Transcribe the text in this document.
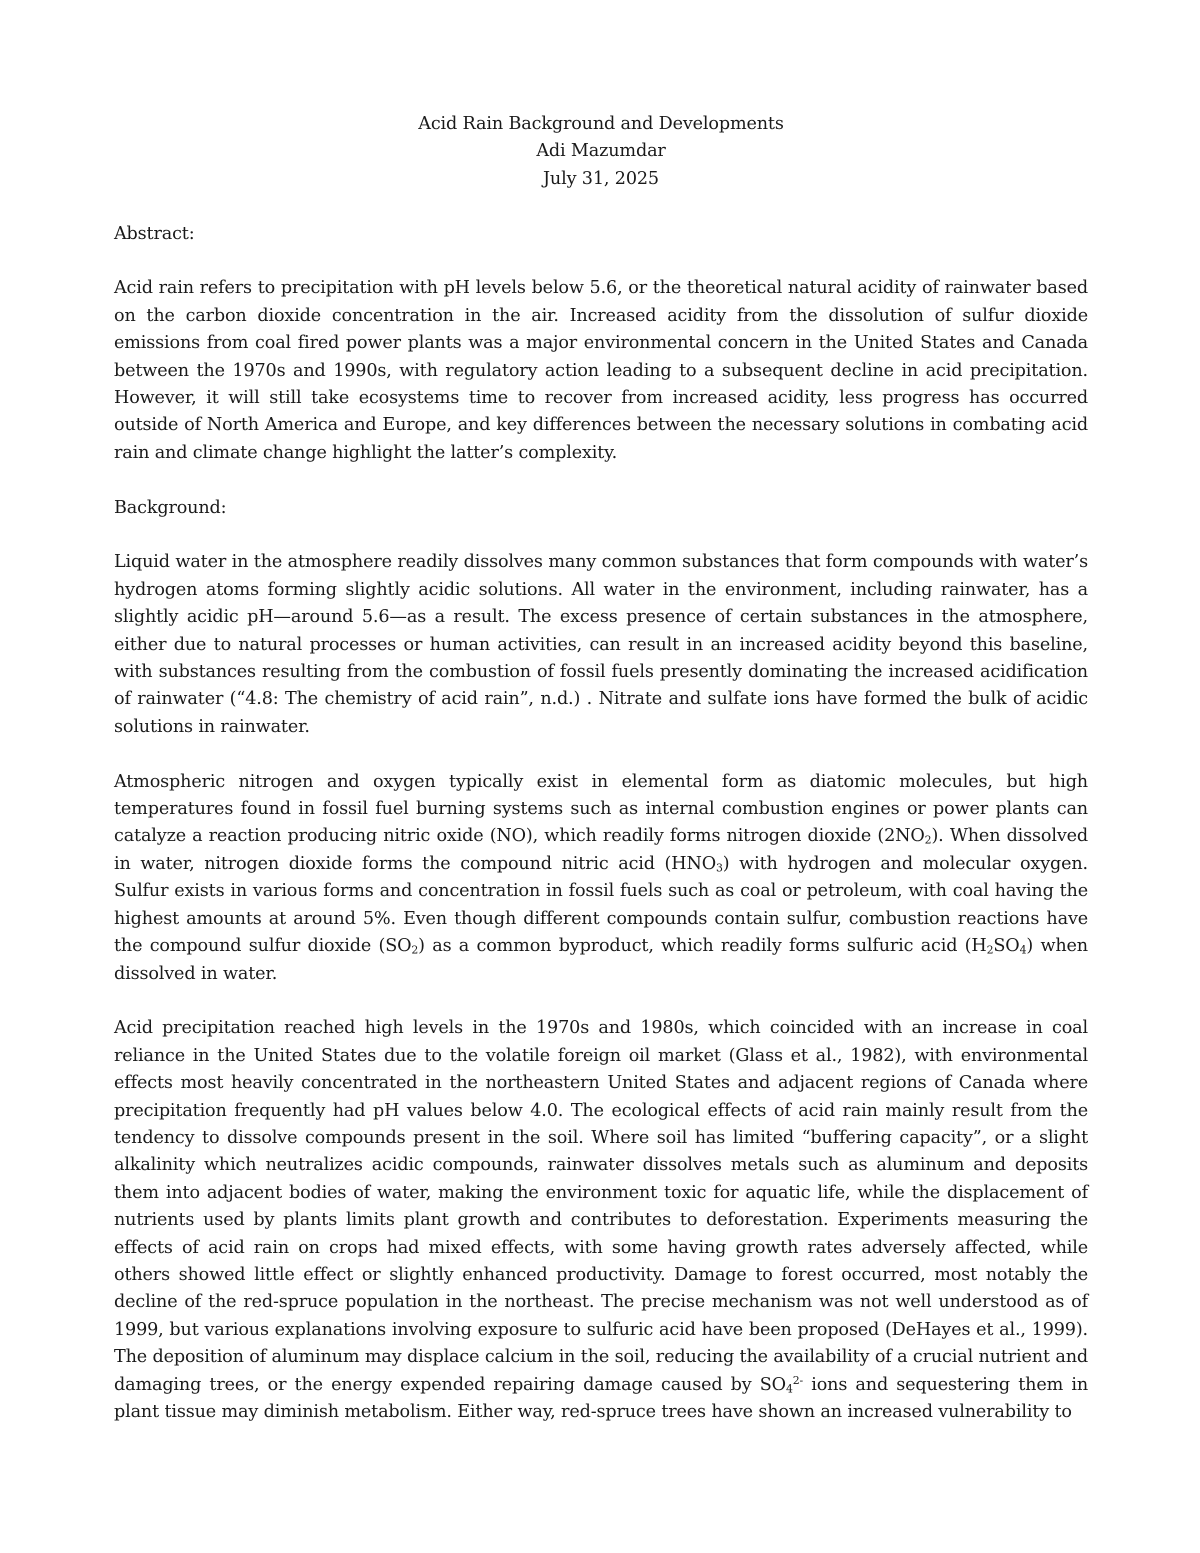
Acid Rain Background and Developments
Adi Mazumdar
July 31, 2025

Abstract:

Acid rain refers to precipitation with pH levels below 5.6, or the theoretical natural acidity of rainwater based on the carbon dioxide concentration in the air. Increased acidity from the dissolution of sulfur dioxide emissions from coal fired power plants was a major environmental concern in the United States and Canada between the 1970s and 1990s, with regulatory action leading to a subsequent decline in acid precipitation. However, it will still take ecosystems time to recover from increased acidity, less progress has occurred outside of North America and Europe, and key differences between the necessary solutions in combating acid rain and climate change highlight the latter’s complexity.

Background:

Liquid water in the atmosphere readily dissolves many common substances that form compounds with water’s hydrogen atoms forming slightly acidic solutions. All water in the environment, including rainwater, has a slightly acidic pH—around 5.6—as a result. The excess presence of certain substances in the atmosphere, either due to natural processes or human activities, can result in an increased acidity beyond this baseline, with substances resulting from the combustion of fossil fuels presently dominating the increased acidification of rainwater (“4.8: The chemistry of acid rain”, n.d.) . Nitrate and sulfate ions have formed the bulk of acidic solutions in rainwater.

Atmospheric nitrogen and oxygen typically exist in elemental form as diatomic molecules, but high temperatures found in fossil fuel burning systems such as internal combustion engines or power plants can catalyze a reaction producing nitric oxide (NO), which readily forms nitrogen dioxide $(2NO_2)$. When dissolved in water, nitrogen dioxide forms the compound nitric acid $(HNO_3)$ with hydrogen and molecular oxygen. Sulfur exists in various forms and concentration in fossil fuels such as coal or petroleum, with coal having the highest amounts at around 5%. Even though different compounds contain sulfur, combustion reactions have the compound sulfur dioxide $(SO_2)$ as a common byproduct, which readily forms sulfuric acid $(H_2SO_4)$ when dissolved in water.

Acid precipitation reached high levels in the 1970s and 1980s, which coincided with an increase in coal reliance in the United States due to the volatile foreign oil market (Glass et al., 1982), with environmental effects most heavily concentrated in the northeastern United States and adjacent regions of Canada where precipitation frequently had pH values below 4.0. The ecological effects of acid rain mainly result from the tendency to dissolve compounds present in the soil. Where soil has limited “buffering capacity”, or a slight alkalinity which neutralizes acidic compounds, rainwater dissolves metals such as aluminum and deposits them into adjacent bodies of water, making the environment toxic for aquatic life, while the displacement of nutrients used by plants limits plant growth and contributes to deforestation. Experiments measuring the effects of acid rain on crops had mixed effects, with some having growth rates adversely affected, while others showed little effect or slightly enhanced productivity. Damage to forest occurred, most notably the decline of the red-spruce population in the northeast. The precise mechanism was not well understood as of 1999, but various explanations involving exposure to sulfuric acid have been proposed (DeHayes et al., 1999). The deposition of aluminum may displace calcium in the soil, reducing the availability of a crucial nutrient and damaging trees, or the energy expended repairing damage caused by $SO_4^{2-}$ ions and sequestering them in plant tissue may diminish metabolism. Either way, red-spruce trees have shown an increased vulnerability to
